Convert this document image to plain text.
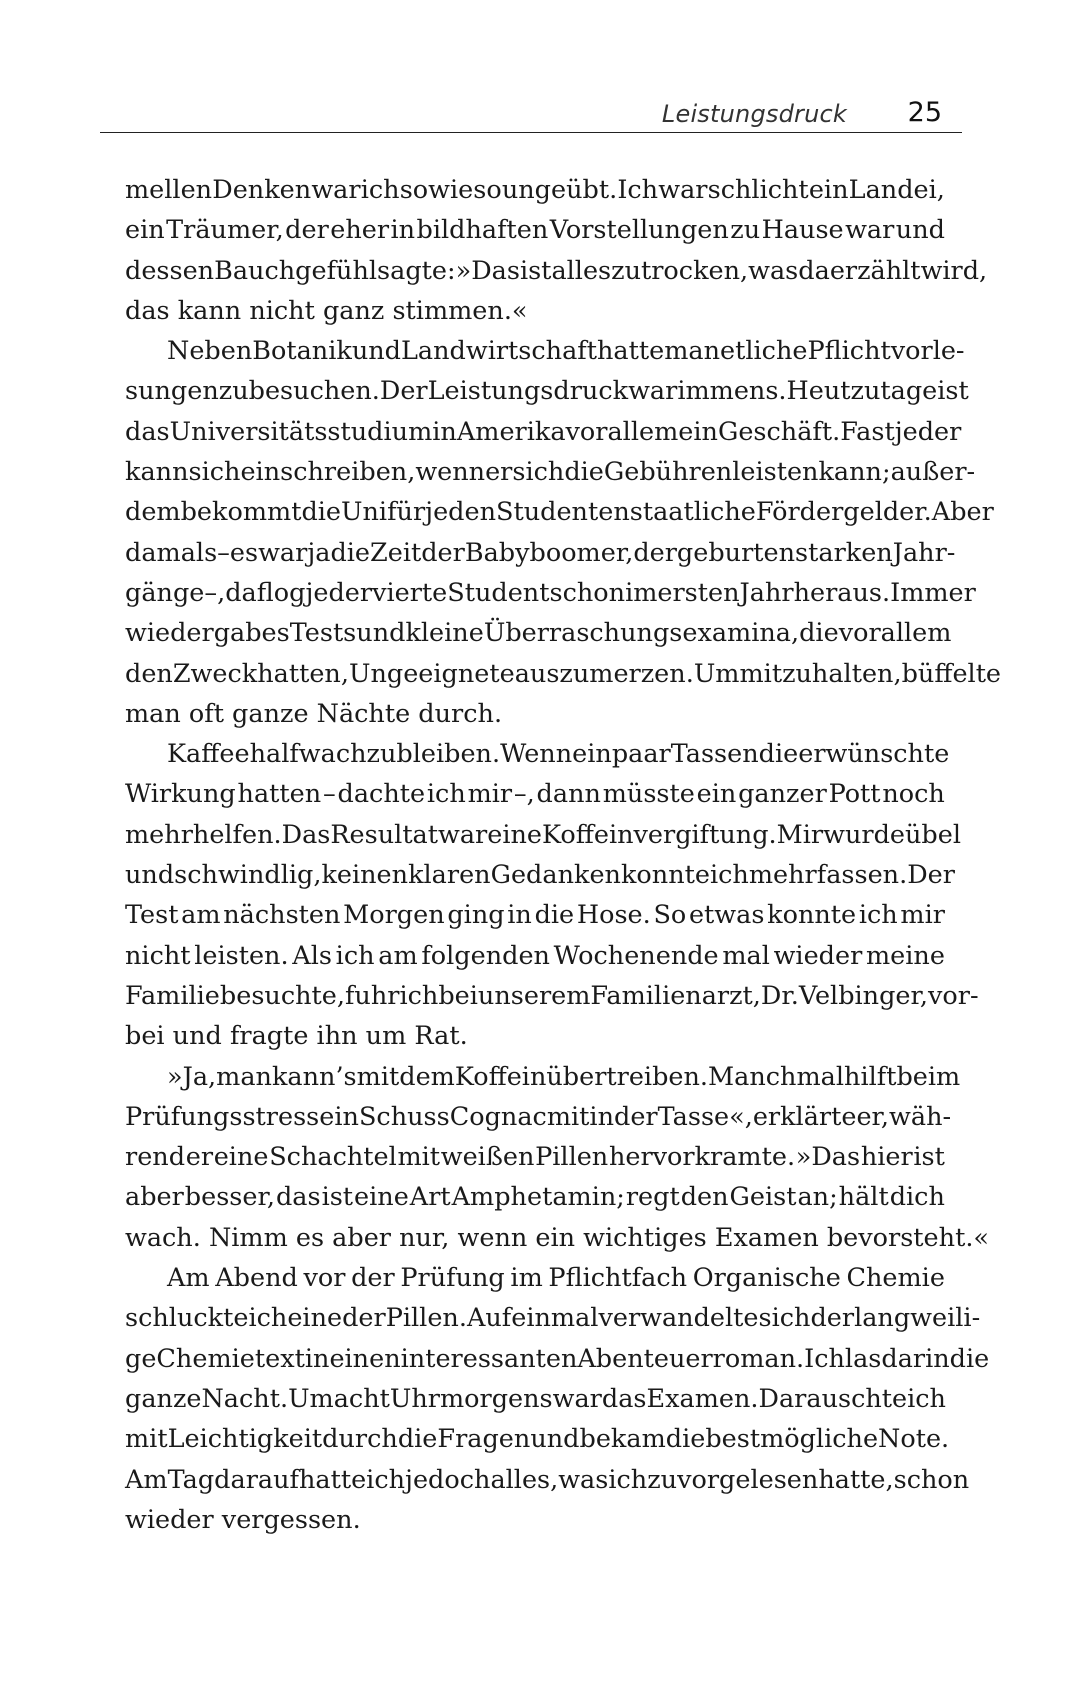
Leistungsdruck 25

mellen Denken war ich sowieso ungeübt. Ich war schlicht ein Landei,
ein Träumer, der eher in bildhaften Vorstellungen zu Hause war und
dessen Bauchgefühl sagte: »Das ist alles zu trocken, was da erzählt wird,
das kann nicht ganz stimmen.«

Neben Botanik und Landwirtschaft hatte man etliche Pflichtvorle-
sungen zu besuchen. Der Leistungsdruck war immens. Heutzutage ist
das Universitätsstudium in Amerika vor allem ein Geschäft. Fast jeder
kann sich einschreiben, wenn er sich die Gebühren leisten kann; außer-
dem bekommt die Uni für jeden Studenten staatliche Fördergelder. Aber
damals – es war ja die Zeit der Babyboomer, der geburtenstarken Jahr-
gänge –, da flog jeder vierte Student schon im ersten Jahr heraus. Immer
wieder gab es Tests und kleine Überraschungsexamina, die vor allem
den Zweck hatten, Ungeeignete auszumerzen. Um mitzuhalten, büffelte
man oft ganze Nächte durch.

Kaffee half wach zu bleiben. Wenn ein paar Tassen die erwünschte
Wirkung hatten – dachte ich mir –, dann müsste ein ganzer Pott noch
mehr helfen. Das Resultat war eine Koffeinvergiftung. Mir wurde übel
und schwindlig, keinen klaren Gedanken konnte ich mehr fassen. Der
Test am nächsten Morgen ging in die Hose. So etwas konnte ich mir
nicht leisten. Als ich am folgenden Wochenende mal wieder meine
Familie besuchte, fuhr ich bei unserem Familienarzt, Dr. Velbinger, vor-
bei und fragte ihn um Rat.

»Ja, man kann’s mit dem Koffein übertreiben. Manchmal hilft beim
Prüfungsstress ein Schuss Cognac mit in der Tasse«, erklärte er, wäh-
rend er eine Schachtel mit weißen Pillen hervorkramte. »Das hier ist
aber besser, das ist eine Art Amphetamin; regt den Geist an; hält dich
wach. Nimm es aber nur, wenn ein wichtiges Examen bevorsteht.«

Am Abend vor der Prüfung im Pflichtfach Organische Chemie
schluckte ich eine der Pillen. Auf einmal verwandelte sich der langweili-
ge Chemietext in einen interessanten Abenteuerroman. Ich las darin die
ganze Nacht. Um acht Uhr morgens war das Examen. Da rauschte ich
mit Leichtigkeit durch die Fragen und bekam die bestmögliche Note.
Am Tag darauf hatte ich jedoch alles, was ich zuvor gelesen hatte, schon
wieder vergessen.
